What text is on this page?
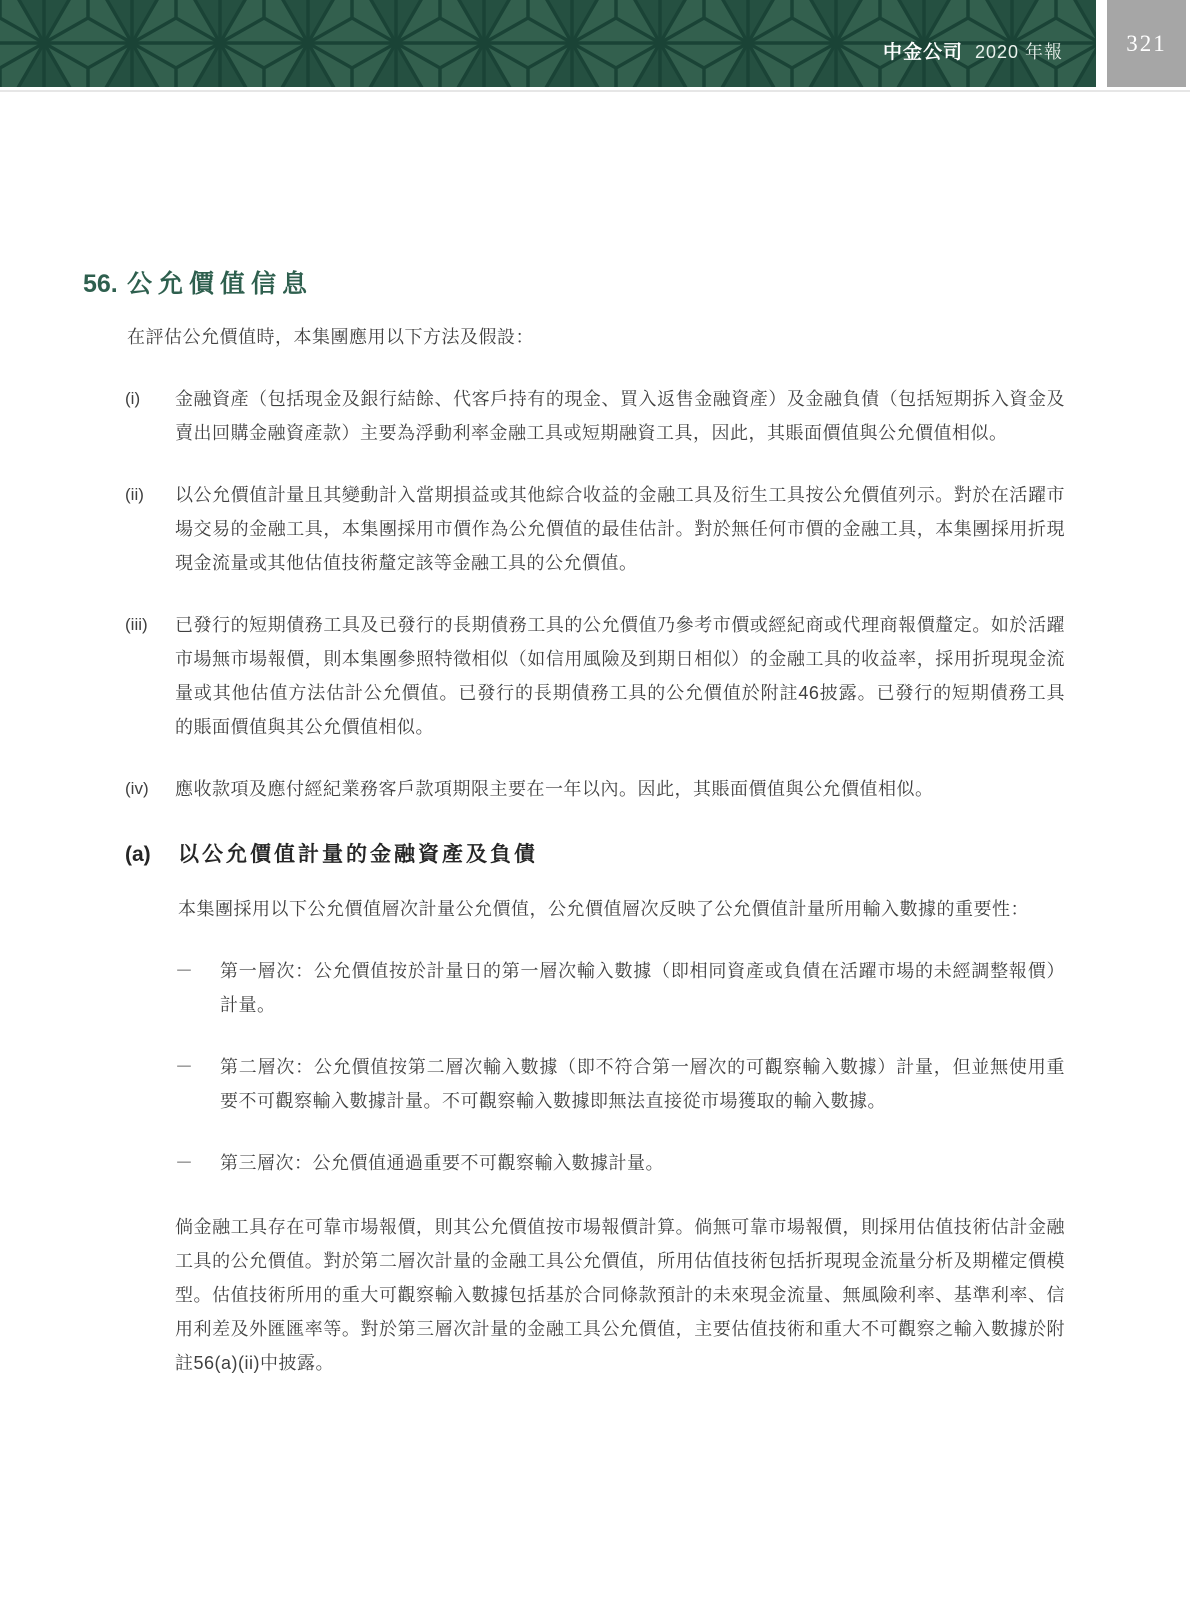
中金公司 2020 年報	321
56. 公允價值信息
在評估公允價值時，本集團應用以下方法及假設：
(i)	金融資產（包括現金及銀行結餘、代客戶持有的現金、買入返售金融資產）及金融負債（包括短期拆入資金及賣出回購金融資產款）主要為浮動利率金融工具或短期融資工具，因此，其賬面價值與公允價值相似。
(ii)	以公允價值計量且其變動計入當期損益或其他綜合收益的金融工具及衍生工具按公允價值列示。對於在活躍市場交易的金融工具，本集團採用市價作為公允價值的最佳估計。對於無任何市價的金融工具，本集團採用折現現金流量或其他估值技術釐定該等金融工具的公允價值。
(iii)	已發行的短期債務工具及已發行的長期債務工具的公允價值乃參考市價或經紀商或代理商報價釐定。如於活躍市場無市場報價，則本集團參照特徵相似（如信用風險及到期日相似）的金融工具的收益率，採用折現現金流量或其他估值方法估計公允價值。已發行的長期債務工具的公允價值於附註46披露。已發行的短期債務工具的賬面價值與其公允價值相似。
(iv)	應收款項及應付經紀業務客戶款項期限主要在一年以內。因此，其賬面價值與公允價值相似。
(a)	以公允價值計量的金融資產及負債
本集團採用以下公允價值層次計量公允價值，公允價值層次反映了公允價值計量所用輸入數據的重要性：
－	第一層次：公允價值按於計量日的第一層次輸入數據（即相同資產或負債在活躍市場的未經調整報價）計量。
－	第二層次：公允價值按第二層次輸入數據（即不符合第一層次的可觀察輸入數據）計量，但並無使用重要不可觀察輸入數據計量。不可觀察輸入數據即無法直接從市場獲取的輸入數據。
－	第三層次：公允價值通過重要不可觀察輸入數據計量。
倘金融工具存在可靠市場報價，則其公允價值按市場報價計算。倘無可靠市場報價，則採用估值技術估計金融工具的公允價值。對於第二層次計量的金融工具公允價值，所用估值技術包括折現現金流量分析及期權定價模型。估值技術所用的重大可觀察輸入數據包括基於合同條款預計的未來現金流量、無風險利率、基準利率、信用利差及外匯匯率等。對於第三層次計量的金融工具公允價值，主要估值技術和重大不可觀察之輸入數據於附註56(a)(ii)中披露。
